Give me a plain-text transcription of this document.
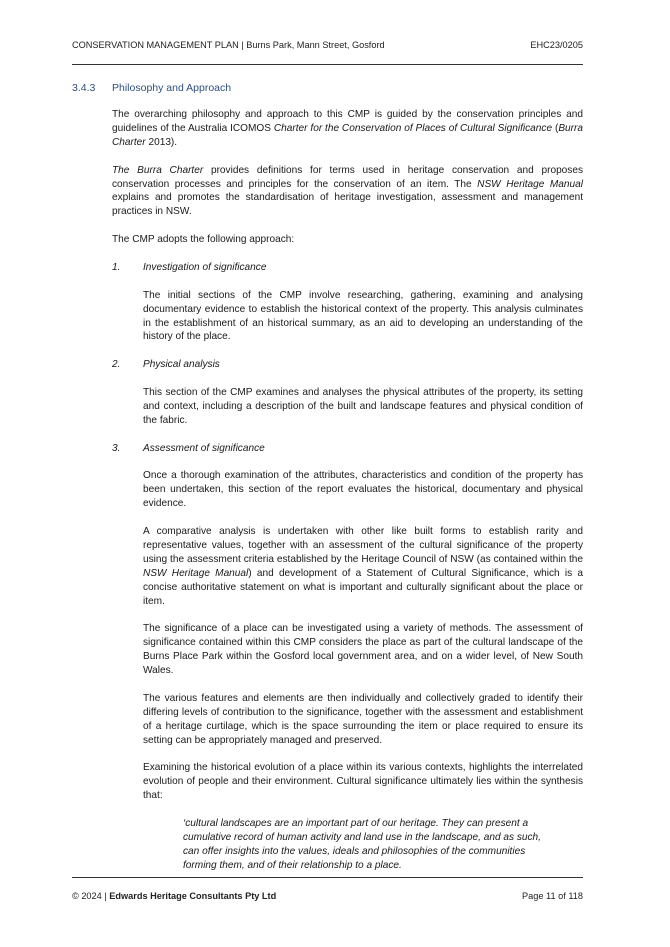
CONSERVATION MANAGEMENT PLAN | Burns Park, Mann Street, Gosford	EHC23/0205
3.4.3 Philosophy and Approach

The overarching philosophy and approach to this CMP is guided by the conservation principles and guidelines of the Australia ICOMOS Charter for the Conservation of Places of Cultural Significance (Burra Charter 2013).

The Burra Charter provides definitions for terms used in heritage conservation and proposes conservation processes and principles for the conservation of an item. The NSW Heritage Manual explains and promotes the standardisation of heritage investigation, assessment and management practices in NSW.

The CMP adopts the following approach:

1.	Investigation of significance

The initial sections of the CMP involve researching, gathering, examining and analysing documentary evidence to establish the historical context of the property. This analysis culminates in the establishment of an historical summary, as an aid to developing an understanding of the history of the place.

2.	Physical analysis

This section of the CMP examines and analyses the physical attributes of the property, its setting and context, including a description of the built and landscape features and physical condition of the fabric.

3.	Assessment of significance

Once a thorough examination of the attributes, characteristics and condition of the property has been undertaken, this section of the report evaluates the historical, documentary and physical evidence.

A comparative analysis is undertaken with other like built forms to establish rarity and representative values, together with an assessment of the cultural significance of the property using the assessment criteria established by the Heritage Council of NSW (as contained within the NSW Heritage Manual) and development of a Statement of Cultural Significance, which is a concise authoritative statement on what is important and culturally significant about the place or item.

The significance of a place can be investigated using a variety of methods. The assessment of significance contained within this CMP considers the place as part of the cultural landscape of the Burns Place Park within the Gosford local government area, and on a wider level, of New South Wales.

The various features and elements are then individually and collectively graded to identify their differing levels of contribution to the significance, together with the assessment and establishment of a heritage curtilage, which is the space surrounding the item or place required to ensure its setting can be appropriately managed and preserved.

Examining the historical evolution of a place within its various contexts, highlights the interrelated evolution of people and their environment. Cultural significance ultimately lies within the synthesis that:

‘cultural landscapes are an important part of our heritage. They can present a cumulative record of human activity and land use in the landscape, and as such, can offer insights into the values, ideals and philosophies of the communities forming them, and of their relationship to a place.

© 2024 | Edwards Heritage Consultants Pty Ltd	Page 11 of 118
